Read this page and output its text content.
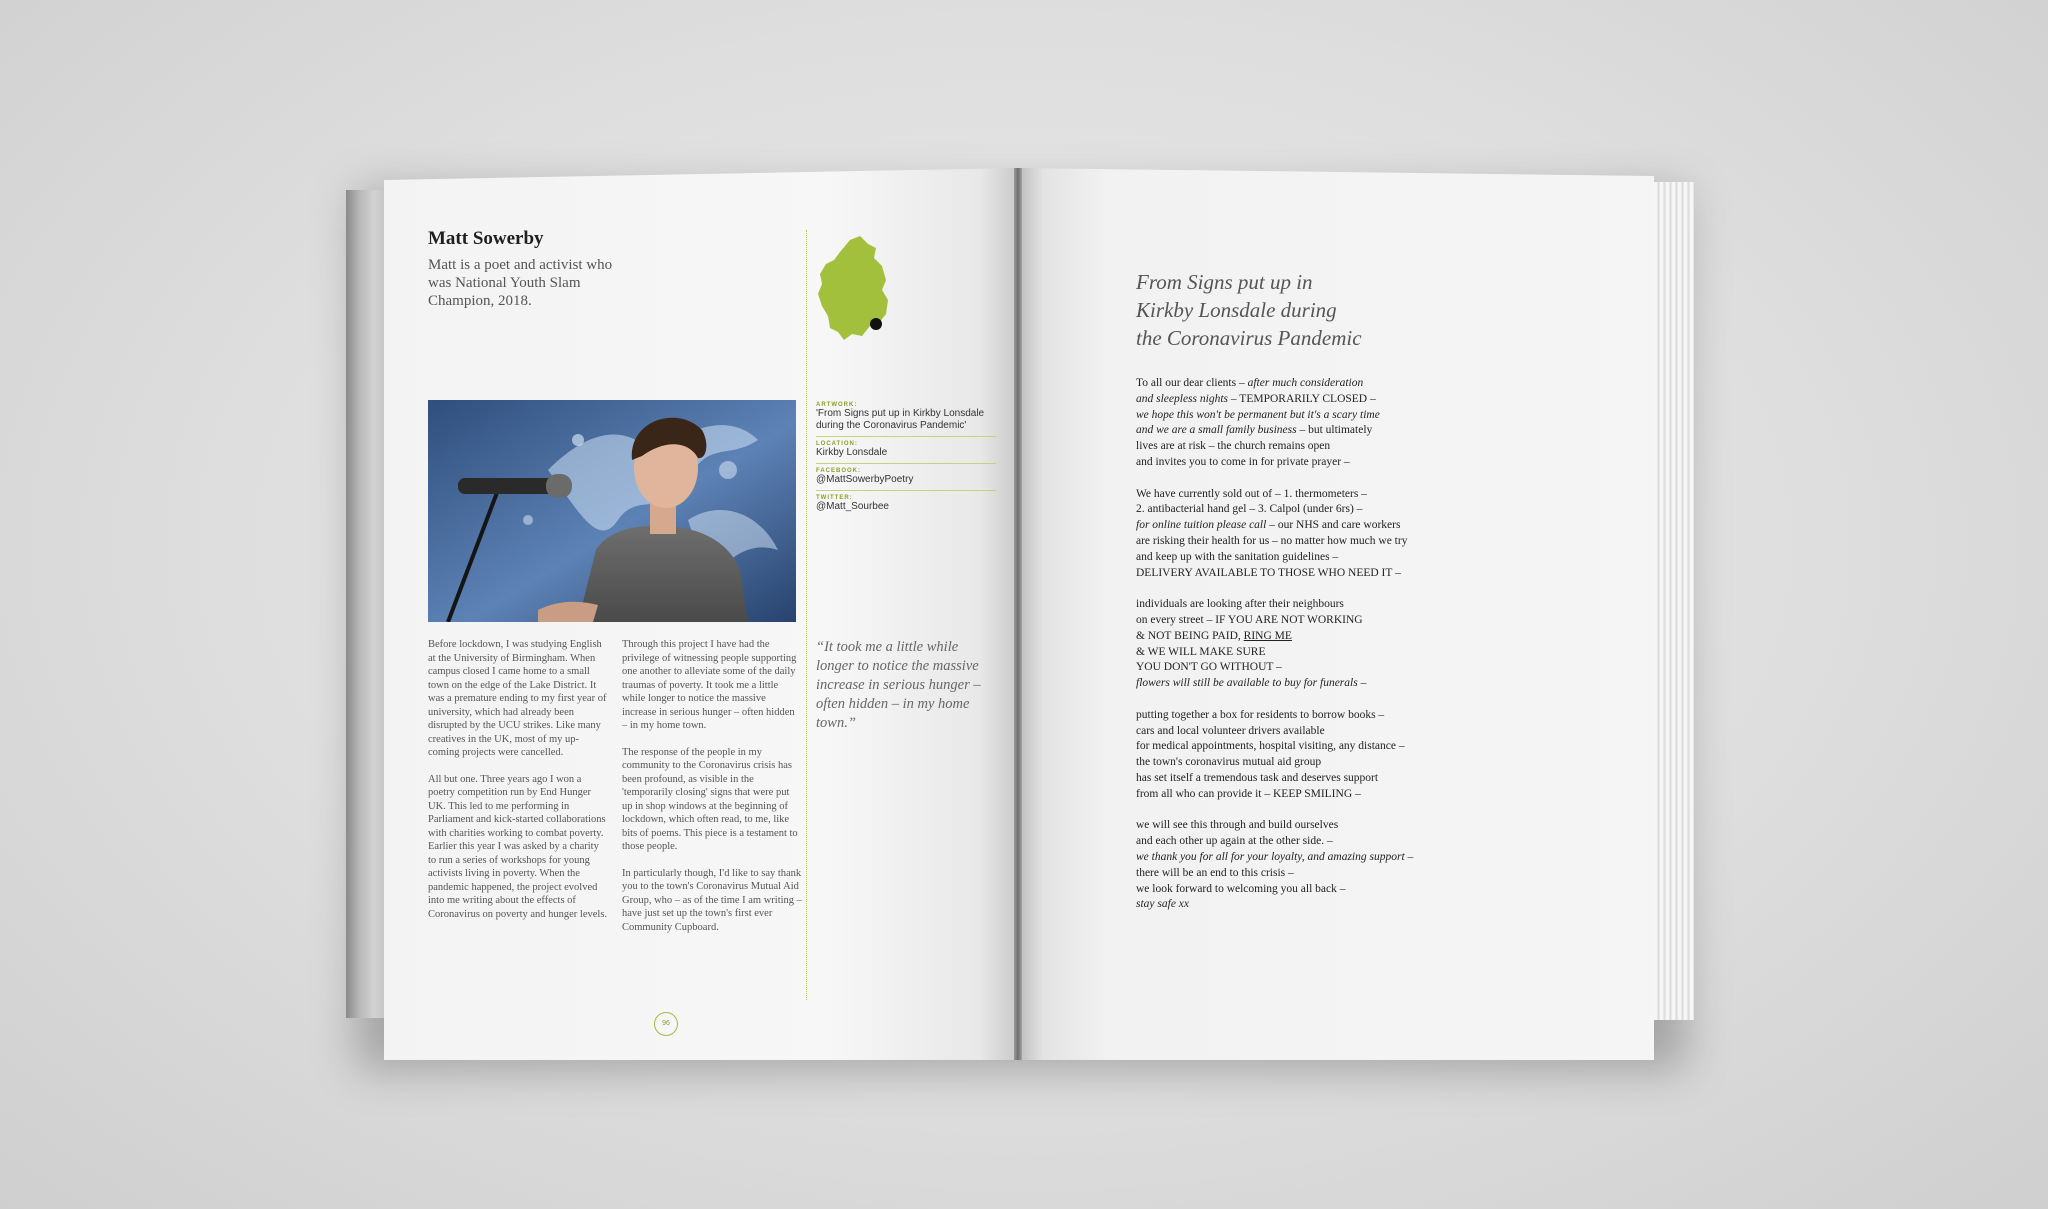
Matt Sowerby
Matt is a poet and activist who was National Youth Slam Champion, 2018.
ARTWORK:
'From Signs put up in Kirkby Lonsdale during the Coronavirus Pandemic'
LOCATION:
Kirkby Lonsdale
FACEBOOK:
@MattSowerbyPoetry
TWITTER:
@Matt_Sourbee

Before lockdown, I was studying English at the University of Birmingham. When campus closed I came home to a small town on the edge of the Lake District. It was a premature ending to my first year of university, which had already been disrupted by the UCU strikes. Like many creatives in the UK, most of my up-coming projects were cancelled.

All but one. Three years ago I won a poetry competition run by End Hunger UK. This led to me performing in Parliament and kick-started collaborations with charities working to combat poverty. Earlier this year I was asked by a charity to run a series of workshops for young activists living in poverty. When the pandemic happened, the project evolved into me writing about the effects of Coronavirus on poverty and hunger levels.

Through this project I have had the privilege of witnessing people supporting one another to alleviate some of the daily traumas of poverty. It took me a little while longer to notice the massive increase in serious hunger – often hidden – in my home town.

The response of the people in my community to the Coronavirus crisis has been profound, as visible in the 'temporarily closing' signs that were put up in shop windows at the beginning of lockdown, which often read, to me, like bits of poems. This piece is a testament to those people.

In particularly though, I'd like to say thank you to the town's Coronavirus Mutual Aid Group, who – as of the time I am writing – have just set up the town's first ever Community Cupboard.

“It took me a little while longer to notice the massive increase in serious hunger – often hidden – in my home town.”
96
From Signs put up in
Kirkby Lonsdale during
the Coronavirus Pandemic
To all our dear clients – after much consideration
and sleepless nights – TEMPORARILY CLOSED –
we hope this won't be permanent but it's a scary time
and we are a small family business – but ultimately
lives are at risk – the church remains open
and invites you to come in for private prayer –
We have currently sold out of – 1. thermometers –
2. antibacterial hand gel – 3. Calpol (under 6rs) –
for online tuition please call – our NHS and care workers
are risking their health for us – no matter how much we try
and keep up with the sanitation guidelines –
DELIVERY AVAILABLE TO THOSE WHO NEED IT –
individuals are looking after their neighbours
on every street – IF YOU ARE NOT WORKING
& NOT BEING PAID, RING ME
& WE WILL MAKE SURE
YOU DON'T GO WITHOUT –
flowers will still be available to buy for funerals –
putting together a box for residents to borrow books –
cars and local volunteer drivers available
for medical appointments, hospital visiting, any distance –
the town's coronavirus mutual aid group
has set itself a tremendous task and deserves support
from all who can provide it – KEEP SMILING –
we will see this through and build ourselves
and each other up again at the other side. –
we thank you for all for your loyalty, and amazing support –
there will be an end to this crisis –
we look forward to welcoming you all back –
stay safe xx
